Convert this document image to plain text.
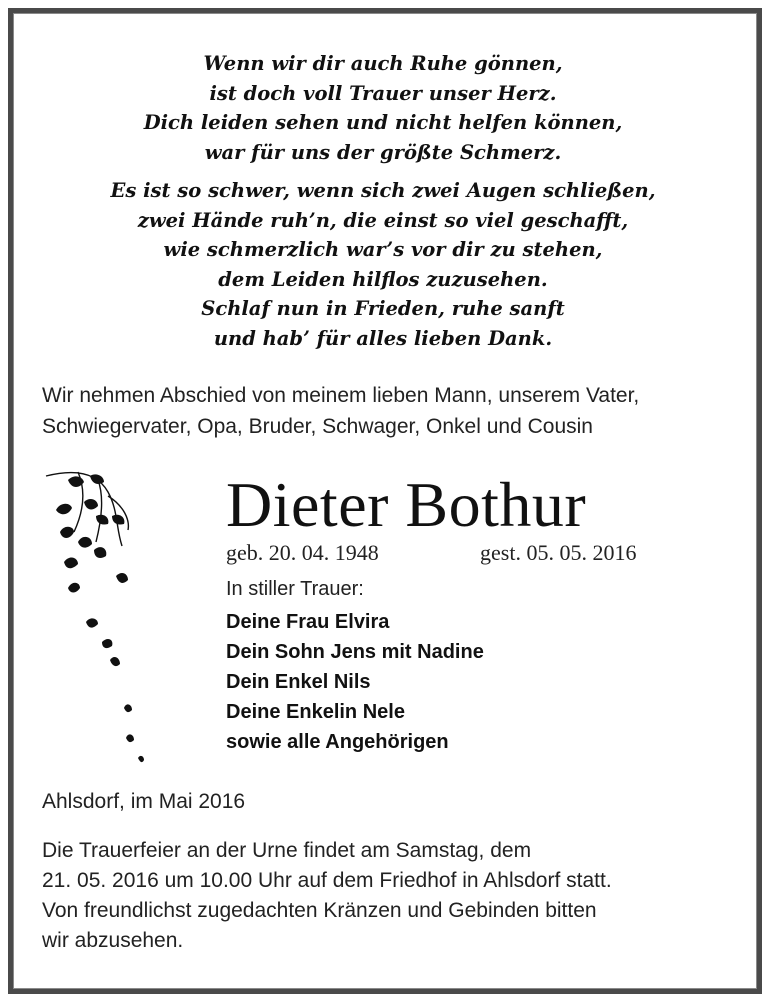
Wenn wir dir auch Ruhe gönnen,
ist doch voll Trauer unser Herz.
Dich leiden sehen und nicht helfen können,
war für uns der größte Schmerz.
Es ist so schwer, wenn sich zwei Augen schließen,
zwei Hände ruh’n, die einst so viel geschafft,
wie schmerzlich war’s vor dir zu stehen,
dem Leiden hilflos zuzusehen.
Schlaf nun in Frieden, ruhe sanft
und hab’ für alles lieben Dank.
Wir nehmen Abschied von meinem lieben Mann, unserem Vater,
Schwiegervater, Opa, Bruder, Schwager, Onkel und Cousin
Dieter Bothur
geb. 20. 04. 1948	gest. 05. 05. 2016
In stiller Trauer:
Deine Frau Elvira
Dein Sohn Jens mit Nadine
Dein Enkel Nils
Deine Enkelin Nele
sowie alle Angehörigen
Ahlsdorf, im Mai 2016
Die Trauerfeier an der Urne findet am Samstag, dem
21. 05. 2016 um 10.00 Uhr auf dem Friedhof in Ahlsdorf statt.
Von freundlichst zugedachten Kränzen und Gebinden bitten
wir abzusehen.
